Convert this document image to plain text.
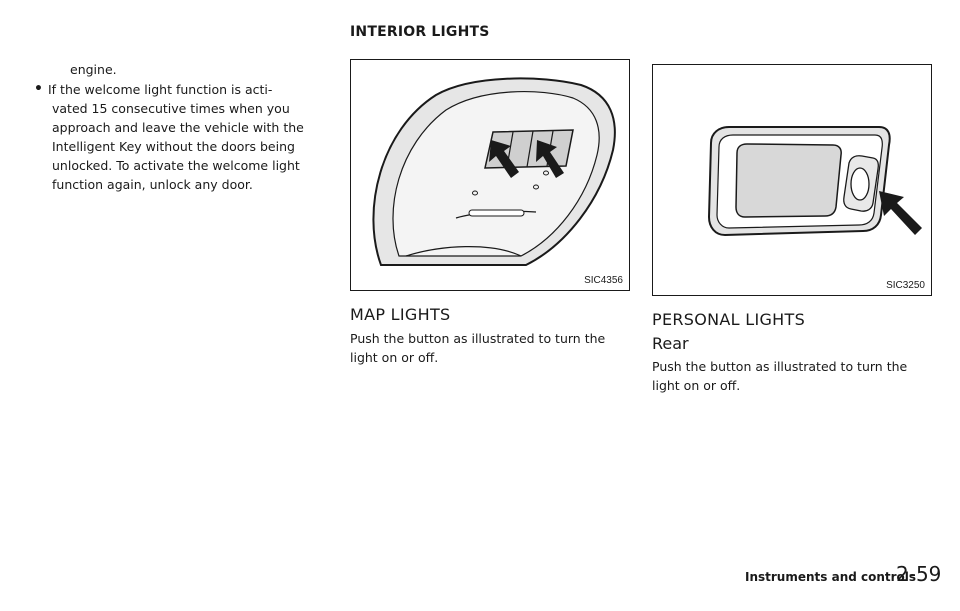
INTERIOR LIGHTS
engine.
• If the welcome light function is acti-
vated 15 consecutive times when you approach and leave the vehicle with the Intelligent Key without the doors being unlocked. To activate the welcome light function again, unlock any door.
SIC4356
MAP LIGHTS
Push the button as illustrated to turn the light on or off.
SIC3250
PERSONAL LIGHTS
Rear
Push the button as illustrated to turn the light on or off.
Instruments and controls
2-59
